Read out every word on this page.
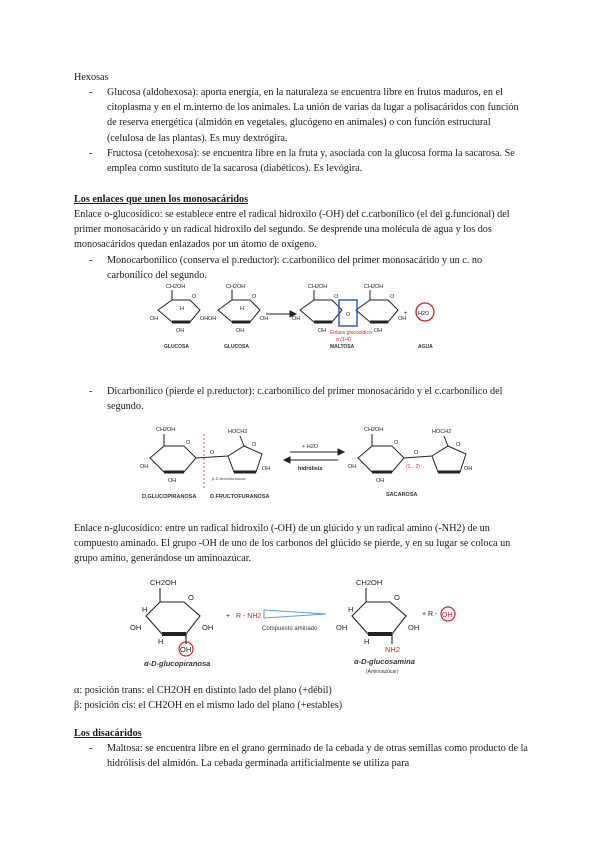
Hexosas
- Glucosa (aldohexosa): aporta energía, en la naturaleza se encuentra libre en frutos maduros, en el citoplasma y en el m.interno de los animales. La unión de varias da lugar a polisacáridos con función de reserva energética (almidón en vegetales, glucógeno en animales) o con función estructural (celulosa de las plantas). Es muy dextrógira.
- Fructosa (cetohexosa): se encuentra libre en la fruta y, asociada con la glucosa forma la sacarosa. Se emplea como sustituto de la sacarosa (diabéticos). Es levógira.
Los enlaces que unen los monosacáridos
Enlace o-glucosídico: se establece entre el radical hidroxilo (-OH) del c.carbonílico (el del g.funcional) del primer monosacárido y un radical hidroxilo del segundo. Se desprende una molécula de agua y los dos monosacáridos quedan enlazados por un átomo de oxígeno.
- Monocarbonílico (conserva el p.reductor): c.carbonílico del primer monosacárido y un c. no carbonílico del segundo.
CH2OH	CH2OH	CH2OH	CH2OH
O	O	O	O
OH	OH OH	OH	OH	OH
OH	OH	OH	OH
H	H
O	+ H2O
Enlace glucosídico
α (1-4)
GLUCOSA	GLUCOSA	MALTOSA	AGUA
- Dicarbonílico (pierde el p.reductor): c.carbonílico del primer monosacárido y el c.carbonílico del segundo.
CH2OH	CH2OH
HOCH2	HOCH2
OH	OH
OH	OH
OH	OH
O	O
O	O
O	O
+ H2O
hidrólisis	(1→2)
β-D-fructofuranosa
D.GLUCOPIRANOSA D.FRUCTOFURANOSA	SACAROSA
Enlace n-glucosídico: entre un radical hidroxilo (-OH) de un glúcido y un radical amino (-NH2) de un compuesto aminado. El grupo -OH de uno de los carbonos del glúcido se pierde, y en su lugar se coloca un grupo amino, generándose un aminoazúcar.
CH2OH	CH2OH
O	O
OH	OH
OH	OH
H	H
H	H
OH	NH2
+ R - NH2
Compuesto aminado
+ R - OH
α-D-glucopiranosa	α-D-glucosamina
(Aminoazúcar)
α: posición trans: el CH2OH en distinto lado del plano (+débil)
β: posición cis: el CH2OH en el mismo lado del plano (+estables)
Los disacáridos
- Maltosa: se encuentra libre en el grano germinado de la cebada y de otras semillas como producto de la hidrólisis del almidón. La cebada germinada artificialmente se utiliza para
